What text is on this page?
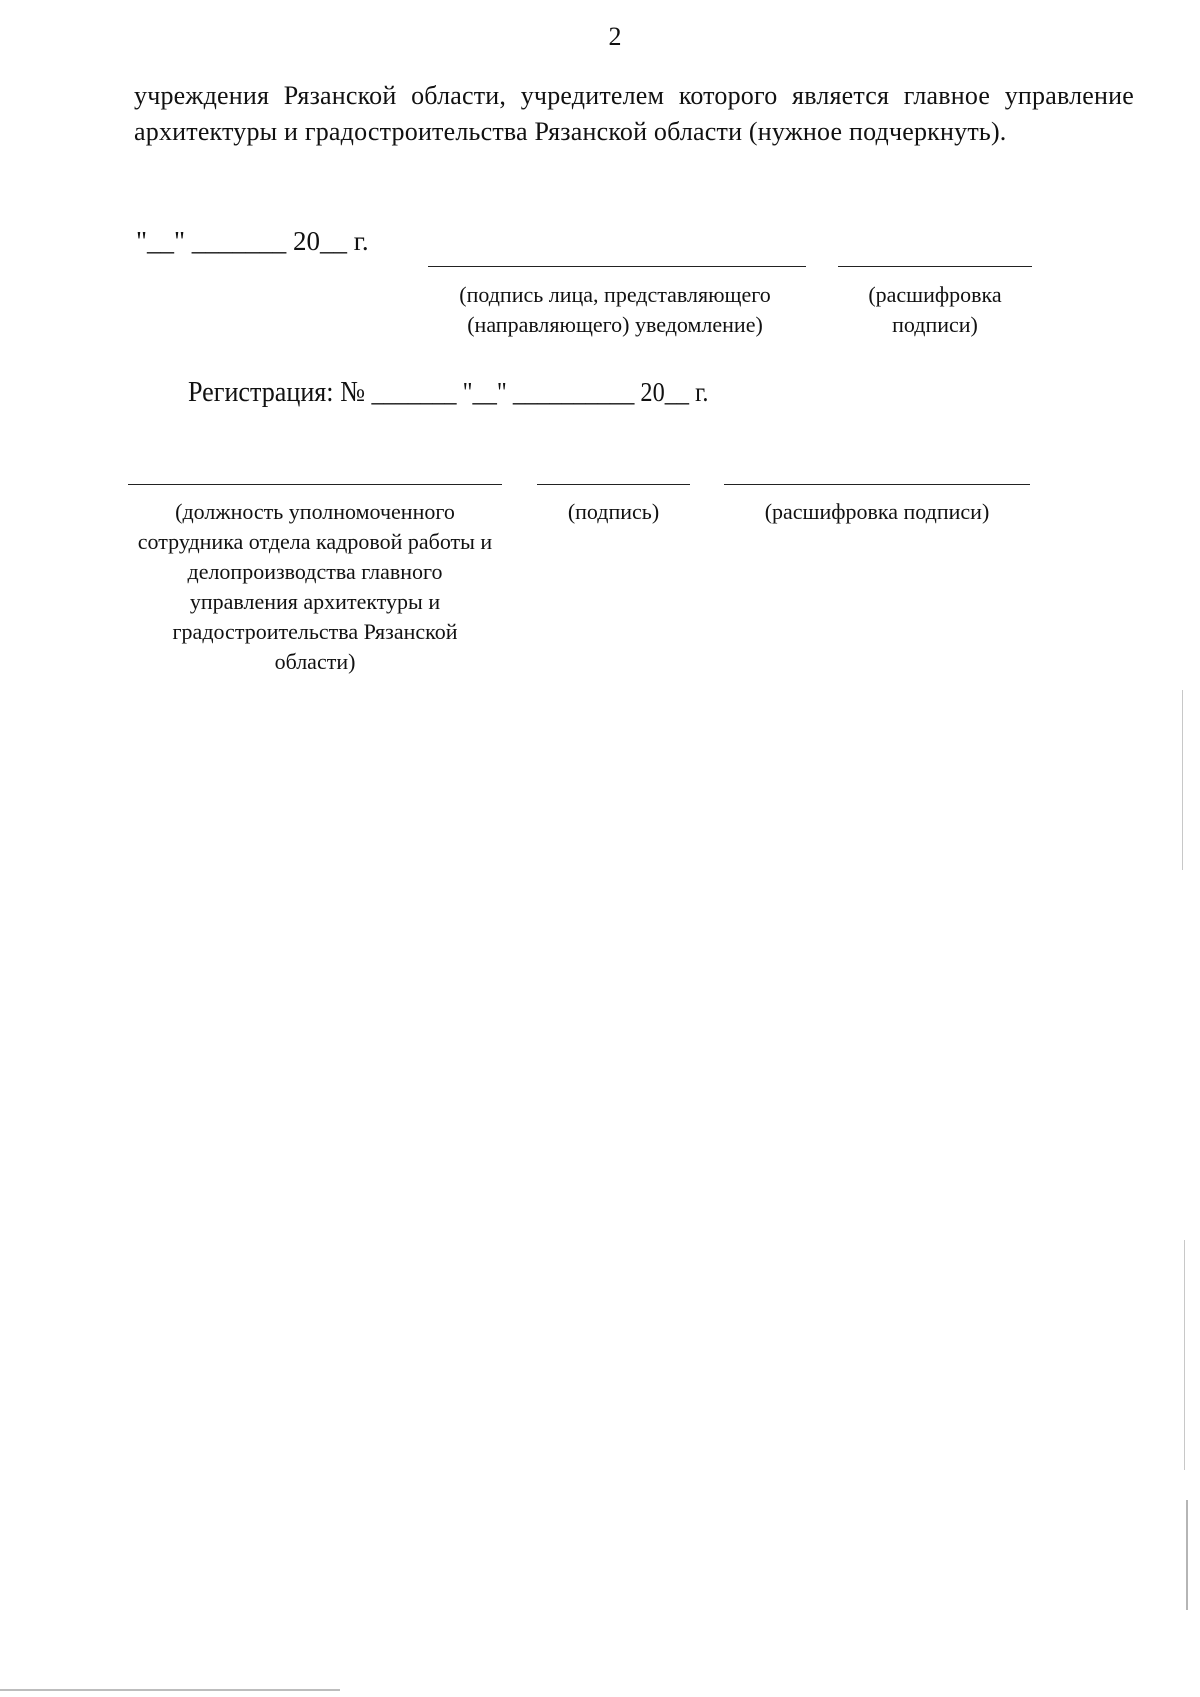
2
учреждения Рязанской области, учредителем которого является главное управление архитектуры и градостроительства Рязанской области (нужное подчеркнуть).
"__" _______ 20__ г.
(подпись лица, представляющего (направляющего) уведомление)
(расшифровка подписи)
Регистрация: № _______ "__" __________ 20__ г.
(должность уполномоченного сотрудника отдела кадровой работы и делопроизводства главного управления архитектуры и градостроительства Рязанской области)
(подпись)	(расшифровка подписи)
